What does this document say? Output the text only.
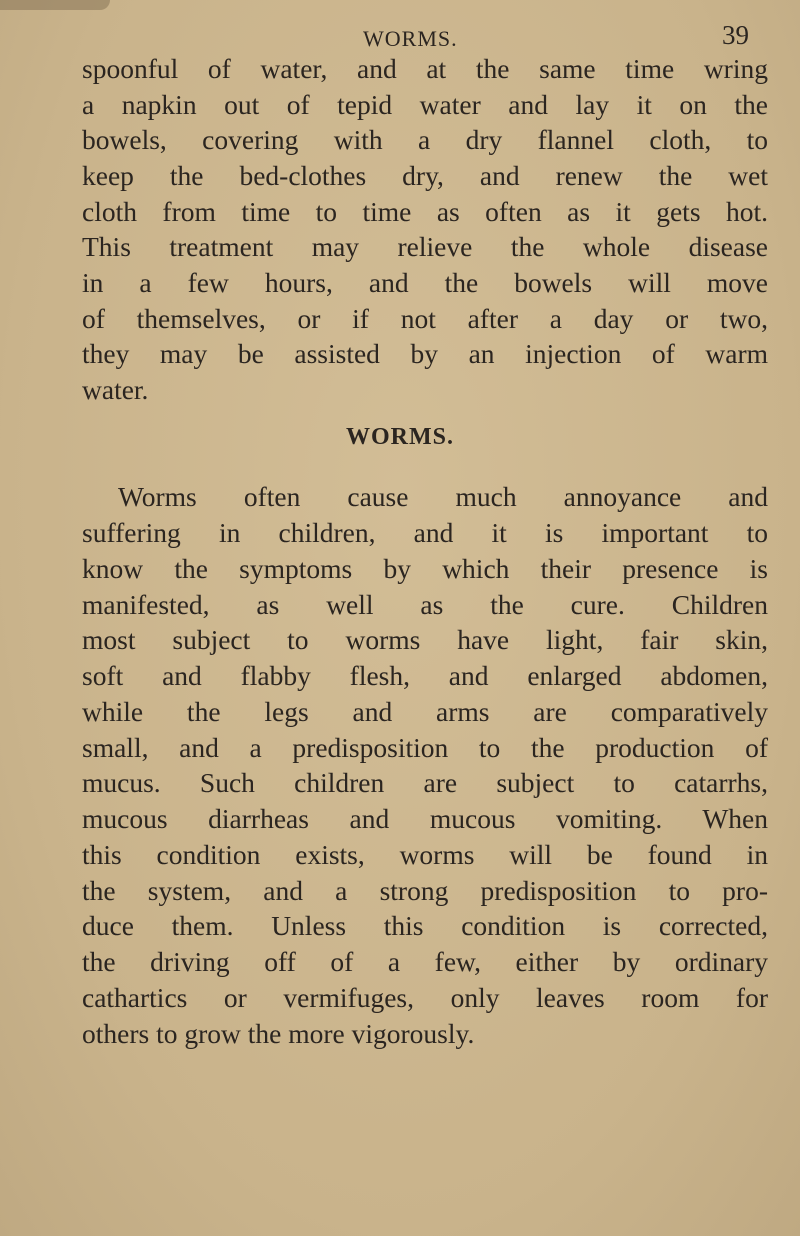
WORMS.	39
spoonful of water, and at the same time wring
a napkin out of tepid water and lay it on the
bowels, covering with a dry flannel cloth, to
keep the bed-clothes dry, and renew the wet
cloth from time to time as often as it gets hot.
This treatment may relieve the whole disease
in a few hours, and the bowels will move
of themselves, or if not after a day or two,
they may be assisted by an injection of warm
water.
WORMS.
Worms often cause much annoyance and
suffering in children, and it is important to
know the symptoms by which their presence is
manifested, as well as the cure. Children
most subject to worms have light, fair skin,
soft and flabby flesh, and enlarged abdomen,
while the legs and arms are comparatively
small, and a predisposition to the production of
mucus. Such children are subject to catarrhs,
mucous diarrheas and mucous vomiting. When
this condition exists, worms will be found in
the system, and a strong predisposition to pro-
duce them. Unless this condition is corrected,
the driving off of a few, either by ordinary
cathartics or vermifuges, only leaves room for
others to grow the more vigorously.
